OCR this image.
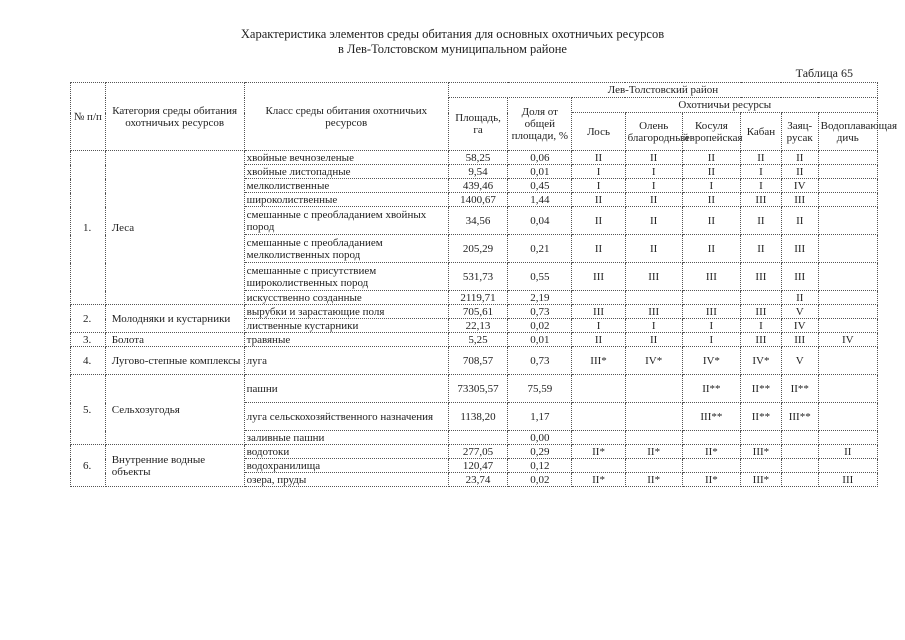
Характеристика элементов среды обитания для основных охотничьих ресурсов
в Лев-Толстовском муниципальном районе
Таблица 65
№ п/п	Категория среды обитания охотничьих ресурсов	Класс среды обитания охотничьих ресурсов	Лев-Толстовский район							
			Площадь, га	Доля от общей площади, %	Охотничьи ресурсы					
					Лось	Олень благородный	Косуля европейская	Кабан	Заяц-русак	Водоплавающая дичь
1.	Леса	хвойные вечнозеленые	58,25	0,06	II	II	II	II	II	
		хвойные листопадные	9,54	0,01	I	I	II	I	II	
		мелколиственные	439,46	0,45	I	I	I	I	IV	
		широколиственные	1400,67	1,44	II	II	II	III	III	
		смешанные с преобладанием хвойных пород	34,56	0,04	II	II	II	II	II	
		смешанные с преобладанием мелколиственных пород	205,29	0,21	II	II	II	II	III	
		смешанные с присутствием широколиственных пород	531,73	0,55	III	III	III	III	III	
		искусственно созданные	2119,71	2,19					II	
2.	Молодняки и кустарники	вырубки и зарастающие поля	705,61	0,73	III	III	III	III	V	
		лиственные кустарники	22,13	0,02	I	I	I	I	IV	
3.	Болота	травяные	5,25	0,01	II	II	I	III	III	IV
4.	Лугово-степные комплексы	луга	708,57	0,73	III*	IV*	IV*	IV*	V	
5.	Сельхозугодья	пашни	73305,57	75,59			II**	II**	II**	
		луга сельскохозяйственного назначения	1138,20	1,17			III**	II**	III**	
		заливные пашни		0,00						
6.	Внутренние водные объекты	водотоки	277,05	0,29	II*	II*	II*	III*		II
		водохранилища	120,47	0,12						
		озера, пруды	23,74	0,02	II*	II*	II*	III*		III
